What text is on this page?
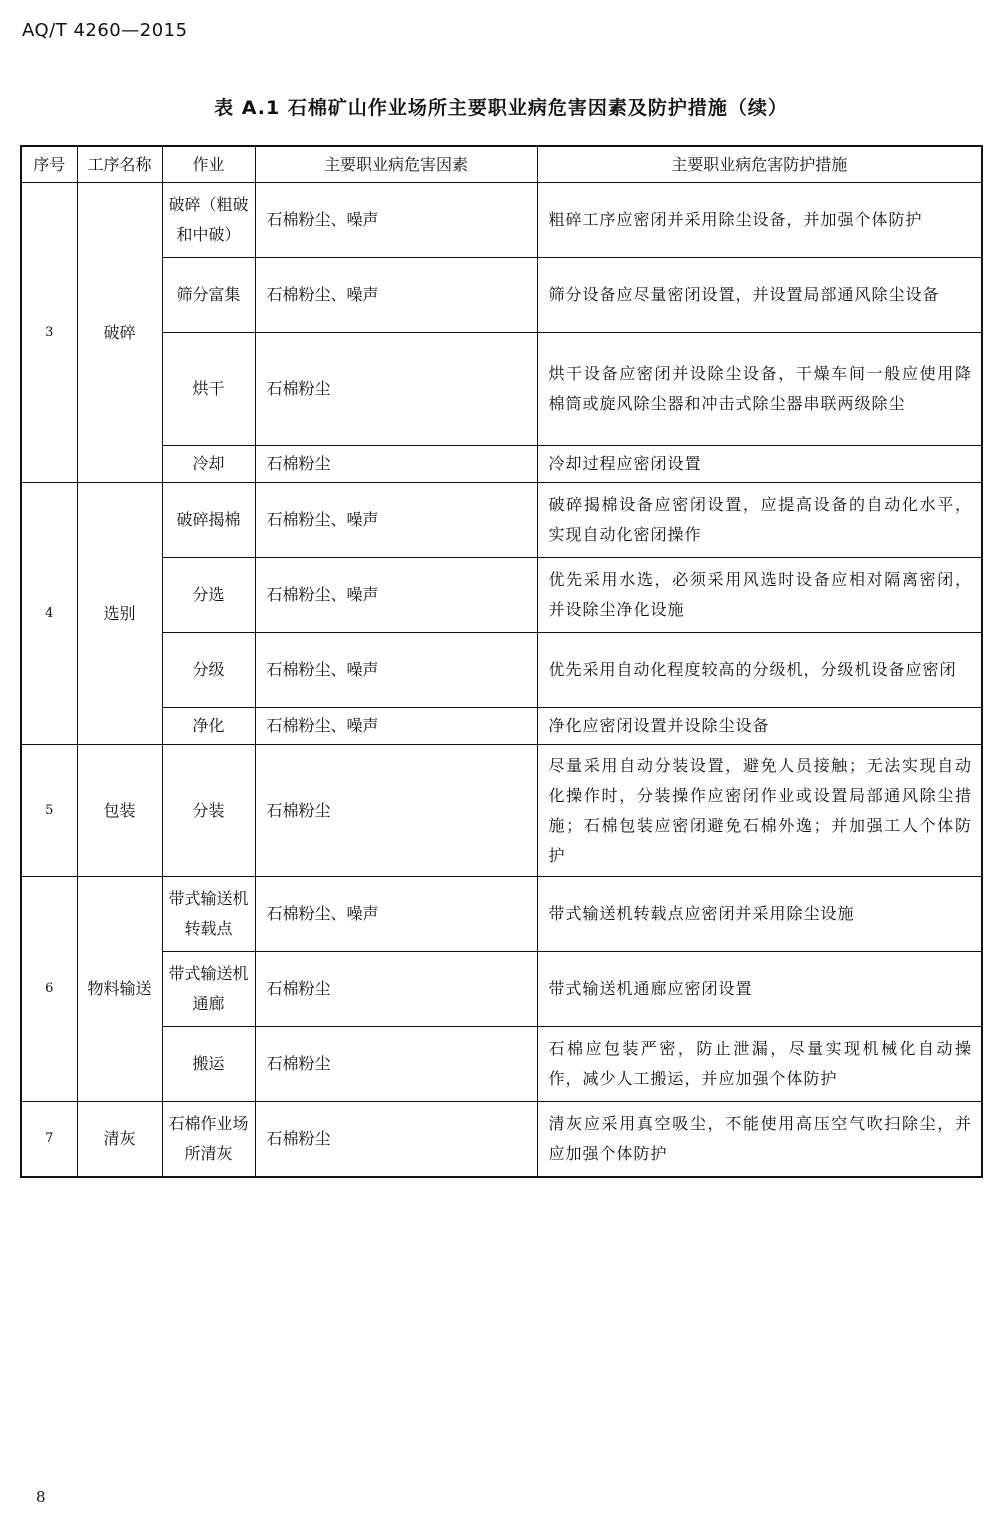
AQ/T 4260—2015
表 A.1 石棉矿山作业场所主要职业病危害因素及防护措施（续）
序号	工序名称	作业	主要职业病危害因素	主要职业病危害防护措施
3	破碎	破碎（粗破和中破）	石棉粉尘、噪声	粗碎工序应密闭并采用除尘设备，并加强个体防护
		筛分富集	石棉粉尘、噪声	筛分设备应尽量密闭设置，并设置局部通风除尘设备
		烘干	石棉粉尘	烘干设备应密闭并设除尘设备，干燥车间一般应使用降棉筒或旋风除尘器和冲击式除尘器串联两级除尘
		冷却	石棉粉尘	冷却过程应密闭设置
4	选别	破碎揭棉	石棉粉尘、噪声	破碎揭棉设备应密闭设置，应提高设备的自动化水平，实现自动化密闭操作
		分选	石棉粉尘、噪声	优先采用水选，必须采用风选时设备应相对隔离密闭，并设除尘净化设施
		分级	石棉粉尘、噪声	优先采用自动化程度较高的分级机，分级机设备应密闭
		净化	石棉粉尘、噪声	净化应密闭设置并设除尘设备
5	包装	分装	石棉粉尘	尽量采用自动分装设置，避免人员接触；无法实现自动化操作时，分装操作应密闭作业或设置局部通风除尘措施；石棉包装应密闭避免石棉外逸；并加强工人个体防护
6	物料输送	带式输送机转载点	石棉粉尘、噪声	带式输送机转载点应密闭并采用除尘设施
		带式输送机通廊	石棉粉尘	带式输送机通廊应密闭设置
		搬运	石棉粉尘	石棉应包装严密，防止泄漏，尽量实现机械化自动操作，减少人工搬运，并应加强个体防护
7	清灰	石棉作业场所清灰	石棉粉尘	清灰应采用真空吸尘，不能使用高压空气吹扫除尘，并应加强个体防护
8
